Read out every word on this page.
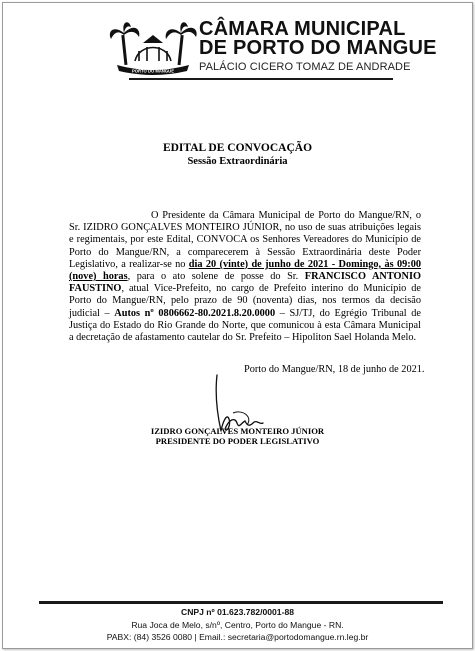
PORTO DO MANGUE
CÂMARA MUNICIPAL
DE PORTO DO MANGUE
PALÁCIO CICERO TOMAZ DE ANDRADE
EDITAL DE CONVOCAÇÃO
Sessão Extraordinária
O Presidente da Câmara Municipal de Porto do Mangue/RN, o Sr. IZIDRO GONÇALVES MONTEIRO JÚNIOR, no uso de suas atribuições legais e regimentais, por este Edital, CONVOCA os Senhores Vereadores do Município de Porto do Mangue/RN, a comparecerem à Sessão Extraordinária deste Poder Legislativo, a realizar-se no dia 20 (vinte) de junho de 2021 - Domingo, às 09:00 (nove) horas, para o ato solene de posse do Sr. FRANCISCO ANTONIO FAUSTINO, atual Vice-Prefeito, no cargo de Prefeito interino do Município de Porto do Mangue/RN, pelo prazo de 90 (noventa) dias, nos termos da decisão judicial – Autos nº 0806662-80.2021.8.20.0000 – SJ/TJ, do Egrégio Tribunal de Justiça do Estado do Rio Grande do Norte, que comunicou à esta Câmara Municipal a decretação de afastamento cautelar do Sr. Prefeito – Hipoliton Sael Holanda Melo.
Porto do Mangue/RN, 18 de junho de 2021.
IZIDRO GONÇALVES MONTEIRO JÚNIOR
PRESIDENTE DO PODER LEGISLATIVO
CNPJ nº 01.623.782/0001-88
Rua Joca de Melo, s/nº, Centro, Porto do Mangue - RN.
PABX: (84) 3526 0080 | Email.: secretaria@portodomangue.rn.leg.br
